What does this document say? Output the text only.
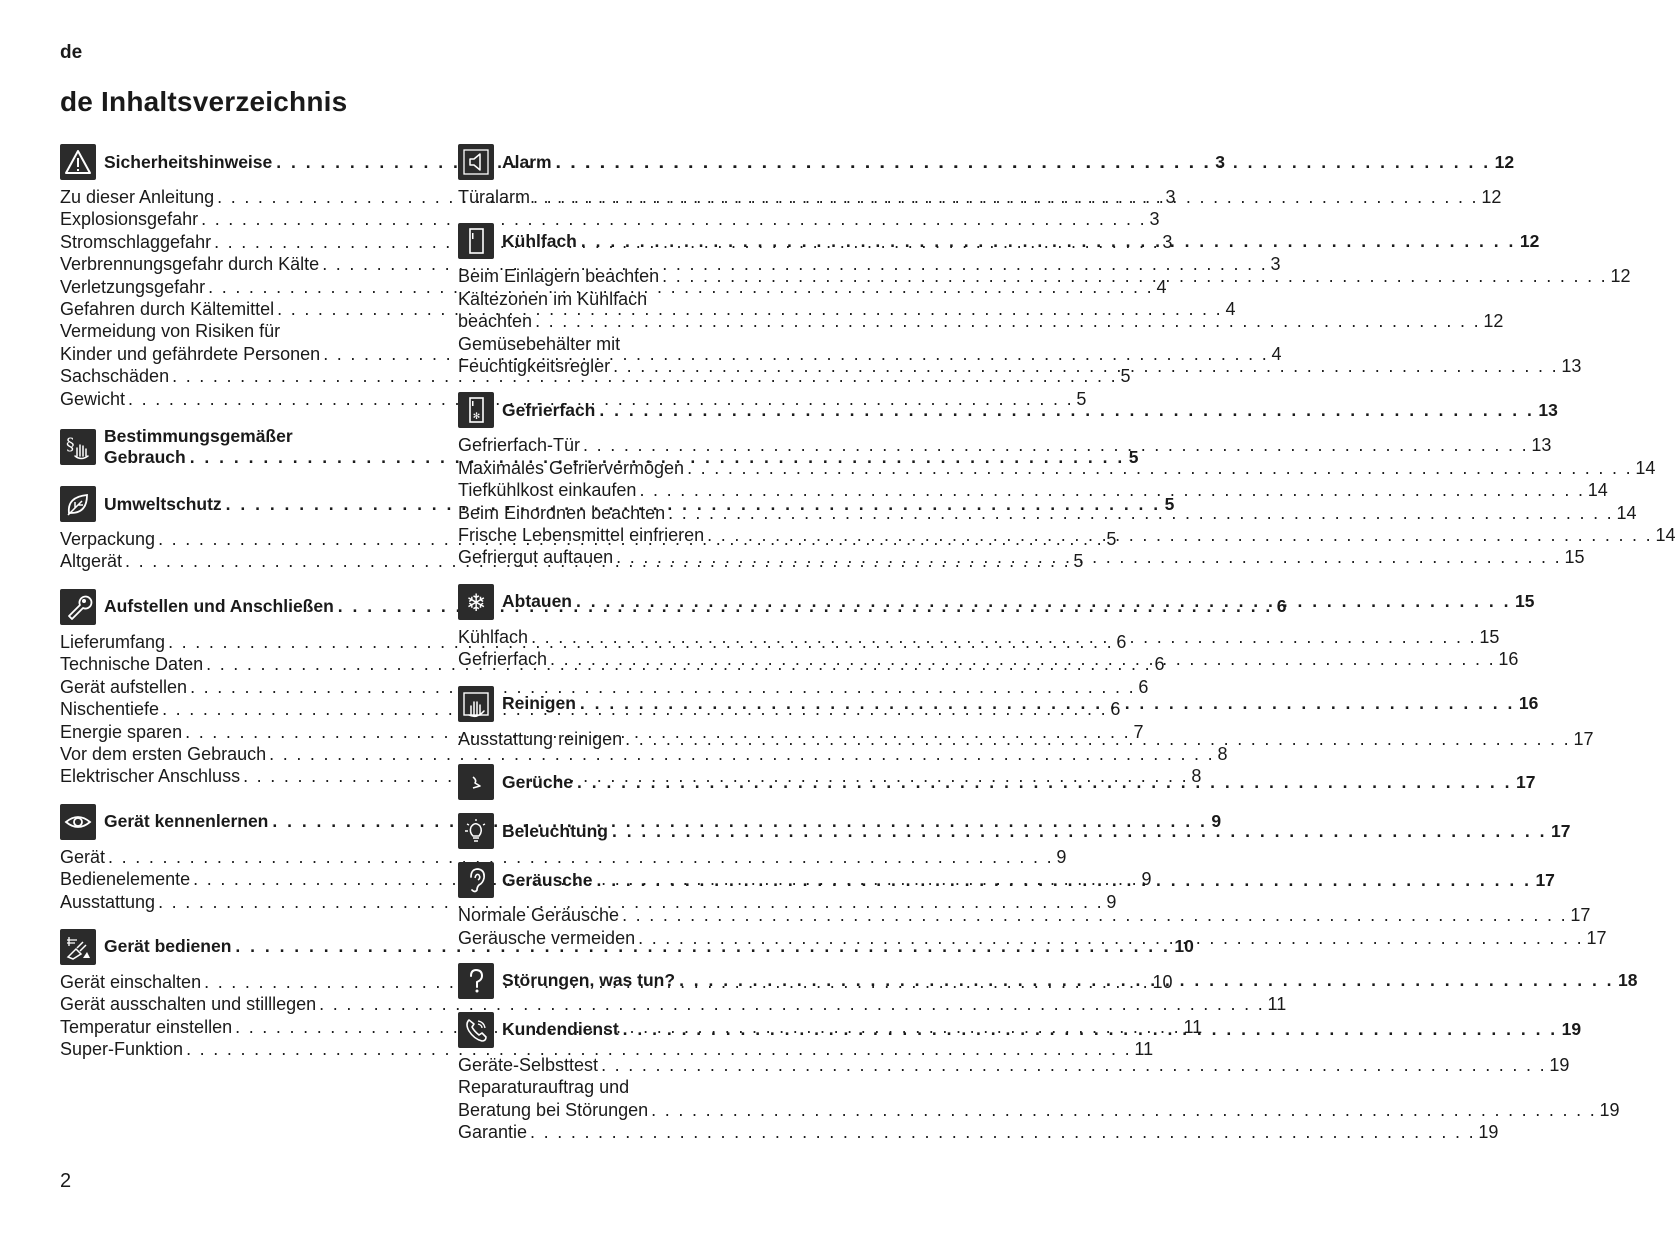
de
de Inhaltsverzeichnis
Sicherheitshinweise . . .	3
Zu dieser Anleitung . . .	3
Explosionsgefahr . . .	3
Stromschlaggefahr . . .	3
Verbrennungsgefahr durch Kälte . . .	3
Verletzungsgefahr . . .	4
Gefahren durch Kältemittel . . .	4
Vermeidung von Risiken für
Kinder und gefährdete Personen . . .	4
Sachschäden . . .	5
Gewicht . . .	5
§ Bestimmungsgemäßer
Gebrauch . . .	5
Umweltschutz . . .	5
Verpackung . . .	5
Altgerät . . .	5
Aufstellen und Anschließen . . .	6
Lieferumfang . . .	6
Technische Daten . . .	6
Gerät aufstellen . . .	6
Nischentiefe . . .	6
Energie sparen . . .	7
Vor dem ersten Gebrauch . . .	8
Elektrischer Anschluss . . .	8
Gerät kennenlernen . . .	9
Gerät . . .	9
Bedienelemente . . .	9
Ausstattung . . .	9
Gerät bedienen . . .	10
Gerät einschalten . . .	10
Gerät ausschalten und stilllegen . . .	11
Temperatur einstellen . . .	11
Super-Funktion . . .	11
Alarm . . .	12
Türalarm . . .	12
Kühlfach . . .	12
Beim Einlagern beachten . . .	12
Kältezonen im Kühlfach
beachten . . .	12
Gemüsebehälter mit
Feuchtigkeitsregler . . .	13
✻ Gefrierfach . . .	13
Gefrierfach-Tür . . .	13
Maximales Gefriervermögen . . .	14
Tiefkühlkost einkaufen . . .	14
Beim Einordnen beachten . . .	14
Frische Lebensmittel einfrieren . . .	14
Gefriergut auftauen . . .	15
❄ Abtauen . . .	15
Kühlfach . . .	15
Gefrierfach . . .	16
Reinigen . . .	16
Ausstattung reinigen . . .	17
Gerüche . . .	17
Beleuchtung . . .	17
Geräusche . . .	17
Normale Geräusche . . .	17
Geräusche vermeiden . . .	17
Störungen, was tun? . . .	18
Kundendienst . . .	19
Geräte-Selbsttest . . .	19
Reparaturauftrag und
Beratung bei Störungen . . .	19
Garantie . . .	19
2
